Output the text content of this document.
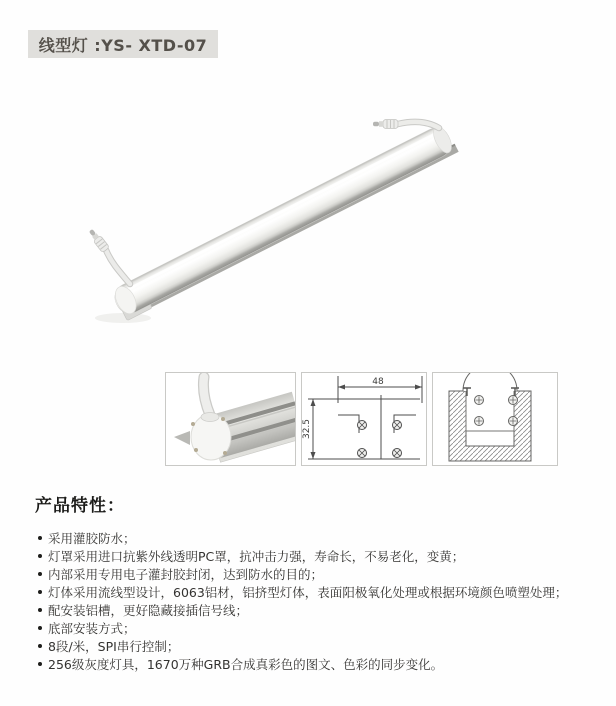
线型灯 :YS- XTD-07
48
32.5
产品特性：
采用灌胶防水；
灯罩采用进口抗紫外线透明PC罩，抗冲击力强，寿命长，不易老化，变黄；
内部采用专用电子灌封胶封闭，达到防水的目的；
灯体采用流线型设计，6063铝材，铝挤型灯体，表面阳极氧化处理或根据环境颜色喷塑处理；
配安装铝槽，更好隐藏接插信号线；
底部安装方式；
8段/米，SPI串行控制；
256级灰度灯具，1670万种GRB合成真彩色的图文、色彩的同步变化。
